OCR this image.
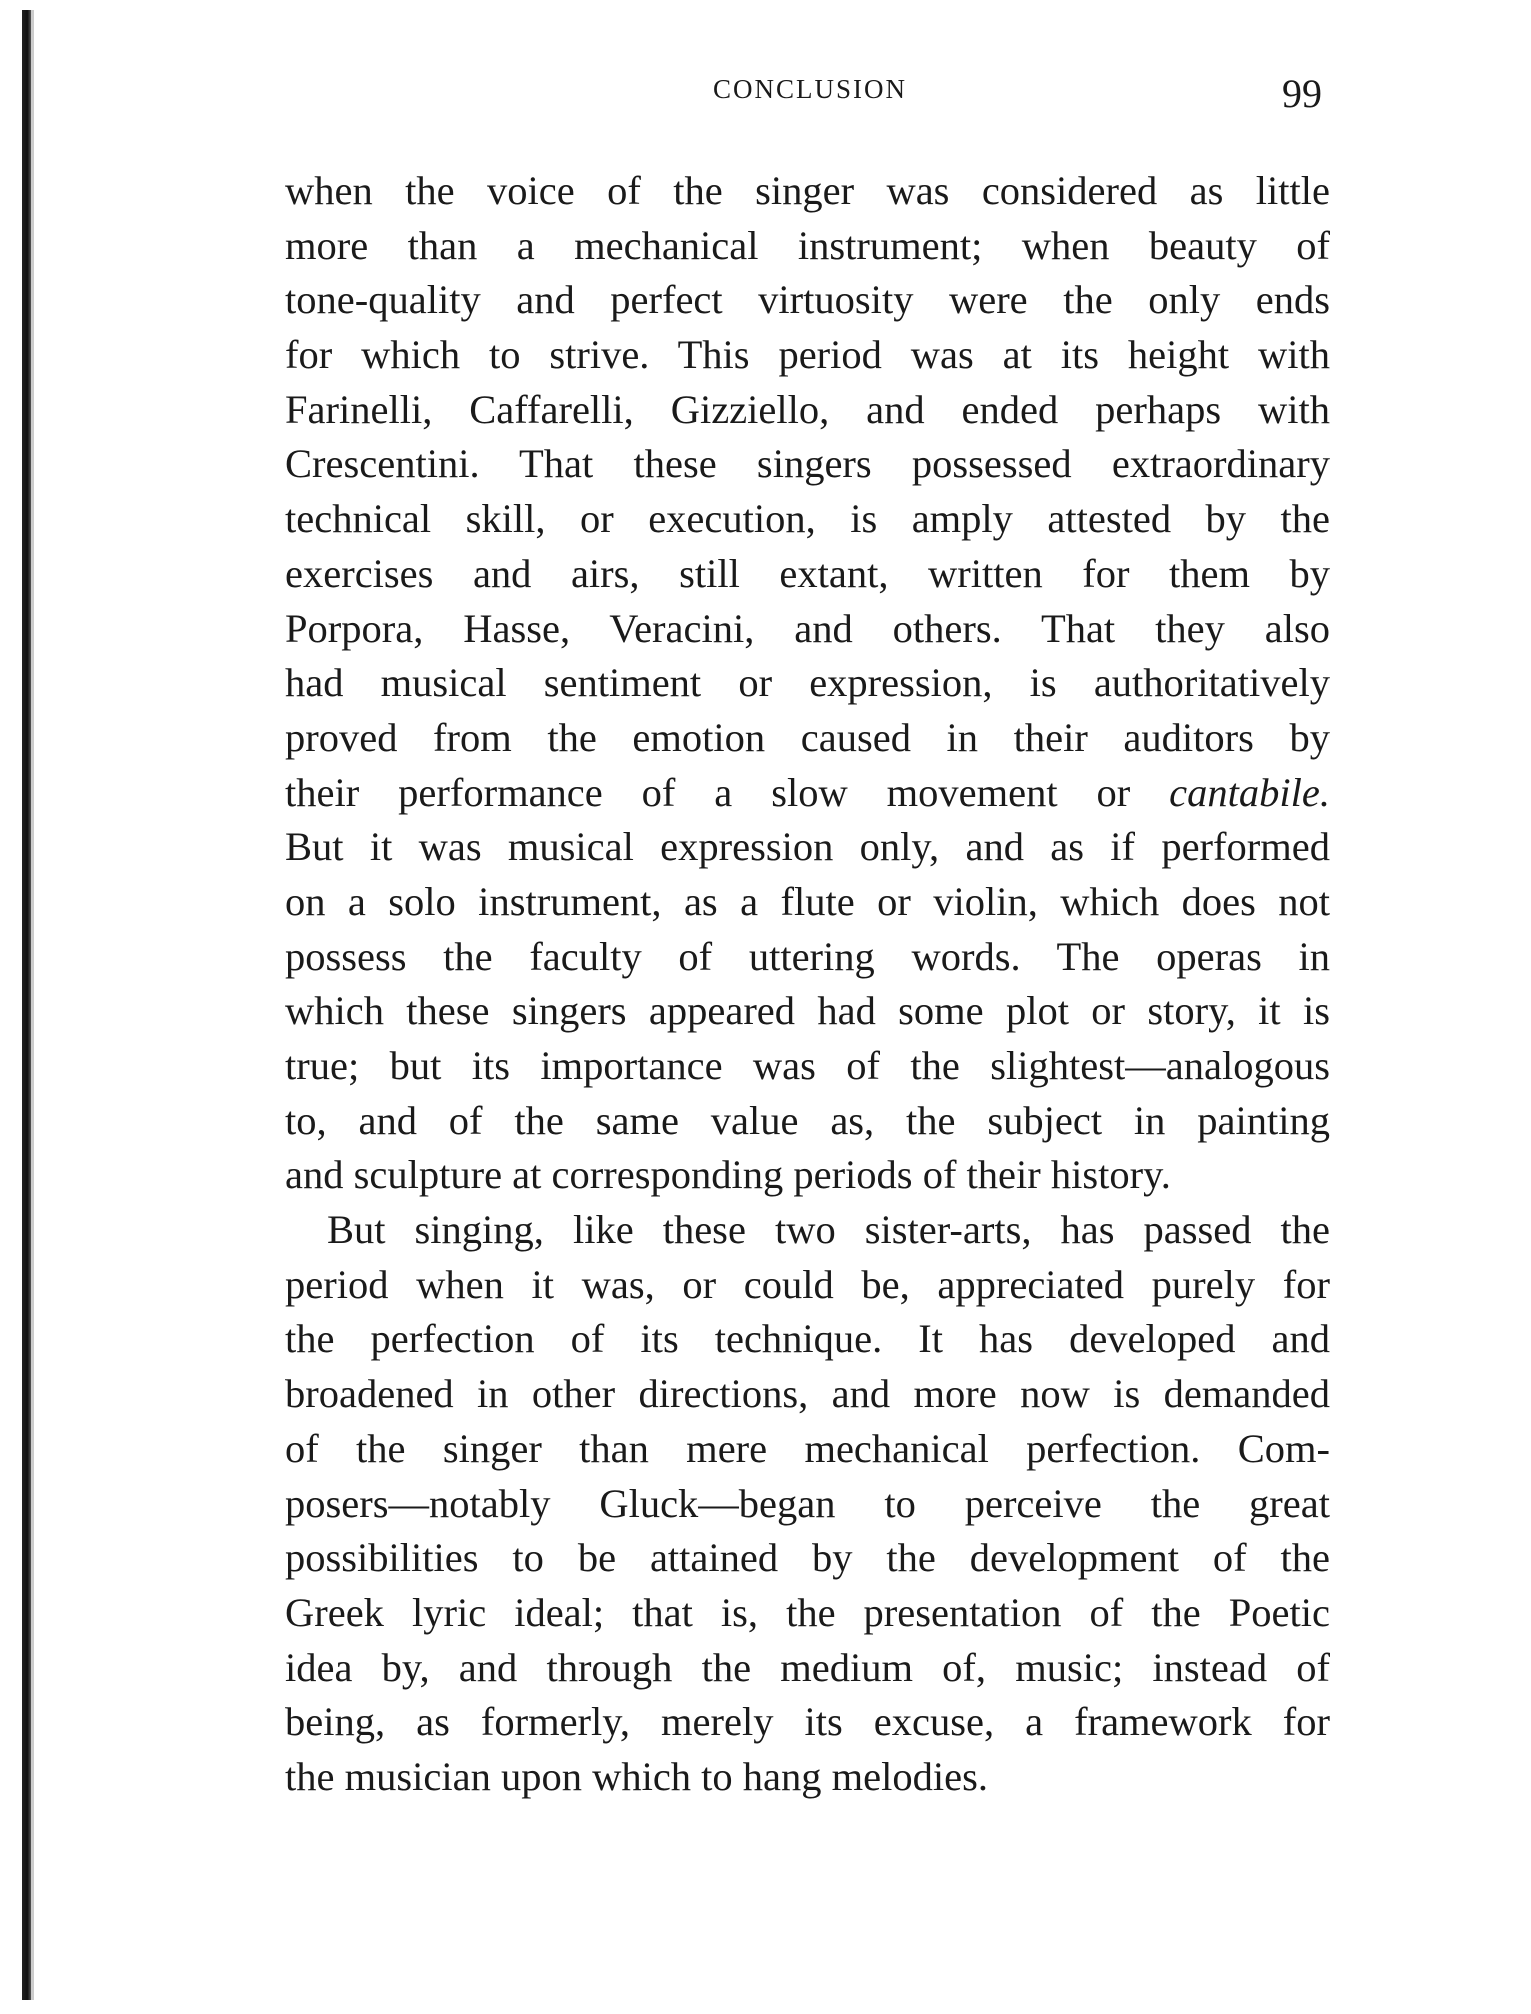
CONCLUSION	99

when the voice of the singer was considered as little
more than a mechanical instrument; when beauty of
tone-quality and perfect virtuosity were the only ends
for which to strive. This period was at its height with
Farinelli, Caffarelli, Gizziello, and ended perhaps with
Crescentini. That these singers possessed extraordinary
technical skill, or execution, is amply attested by the
exercises and airs, still extant, written for them by
Porpora, Hasse, Veracini, and others. That they also
had musical sentiment or expression, is authoritatively
proved from the emotion caused in their auditors by
their performance of a slow movement or cantabile.
But it was musical expression only, and as if performed
on a solo instrument, as a flute or violin, which does not
possess the faculty of uttering words. The operas in
which these singers appeared had some plot or story, it is
true; but its importance was of the slightest—analogous
to, and of the same value as, the subject in painting
and sculpture at corresponding periods of their history.

But singing, like these two sister-arts, has passed the
period when it was, or could be, appreciated purely for
the perfection of its technique. It has developed and
broadened in other directions, and more now is demanded
of the singer than mere mechanical perfection. Com-
posers—notably Gluck—began to perceive the great
possibilities to be attained by the development of the
Greek lyric ideal; that is, the presentation of the Poetic
idea by, and through the medium of, music; instead of
being, as formerly, merely its excuse, a framework for
the musician upon which to hang melodies.
